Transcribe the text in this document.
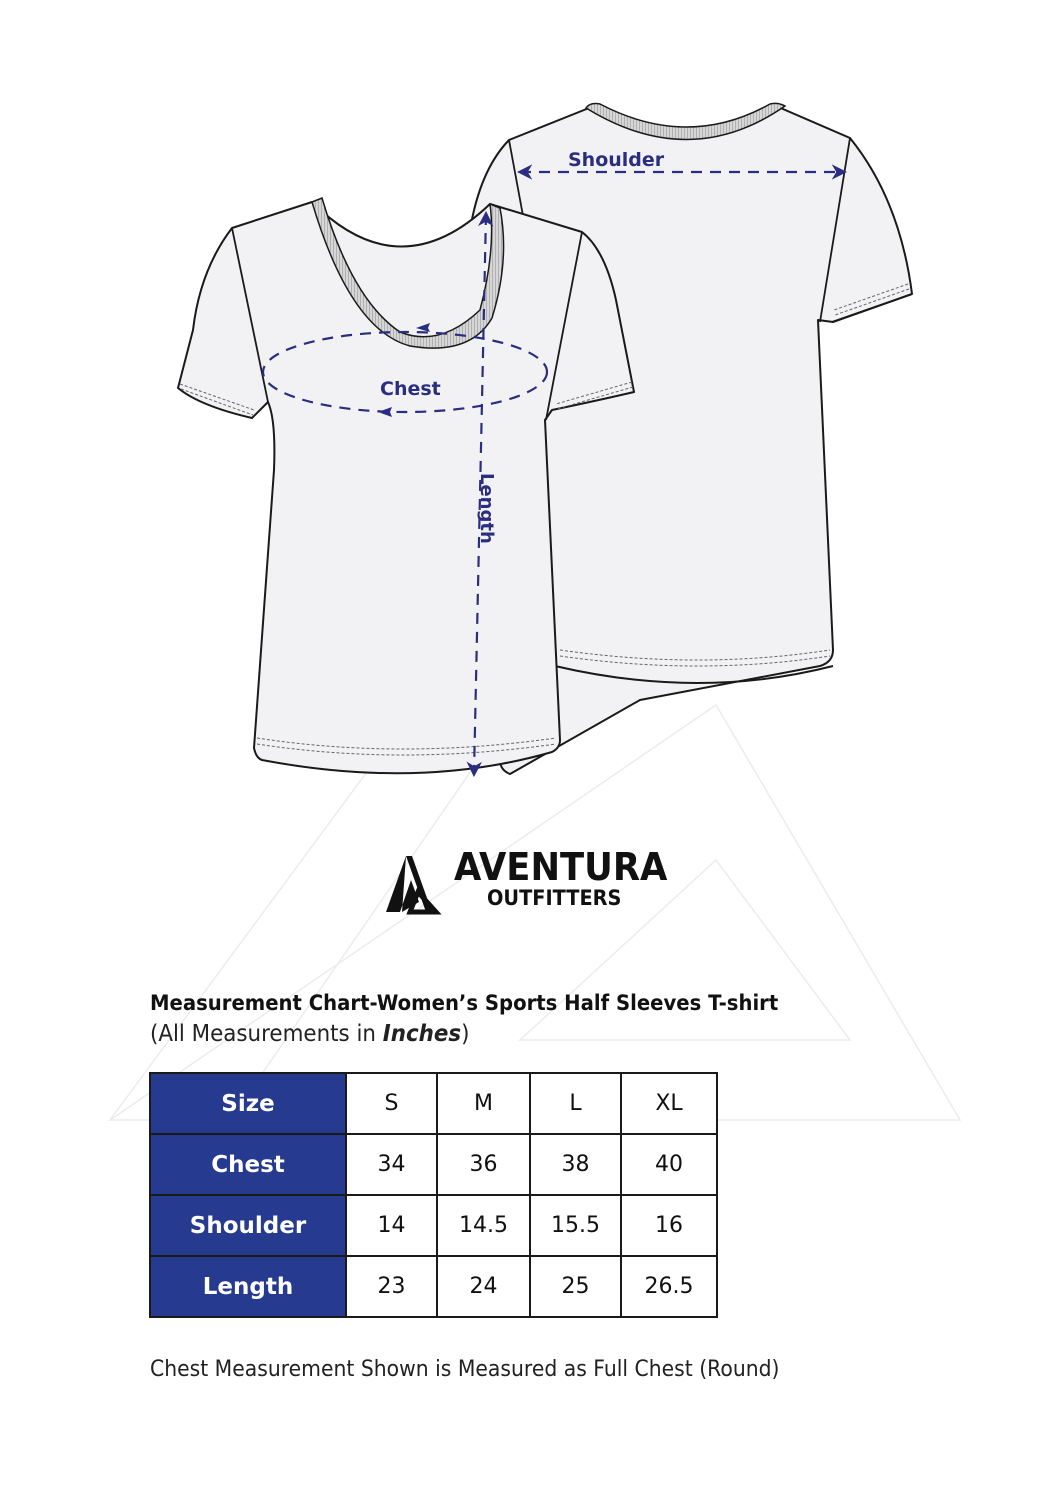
Shoulder
Chest
Length
AVENTURA
OUTFITTERS
Measurement Chart-Women’s Sports Half Sleeves T-shirt
(All Measurements in Inches)
Size	S	M	L	XL
Chest	34	36	38	40
Shoulder	14	14.5	15.5	16
Length	23	24	25	26.5
Chest Measurement Shown is Measured as Full Chest (Round)
